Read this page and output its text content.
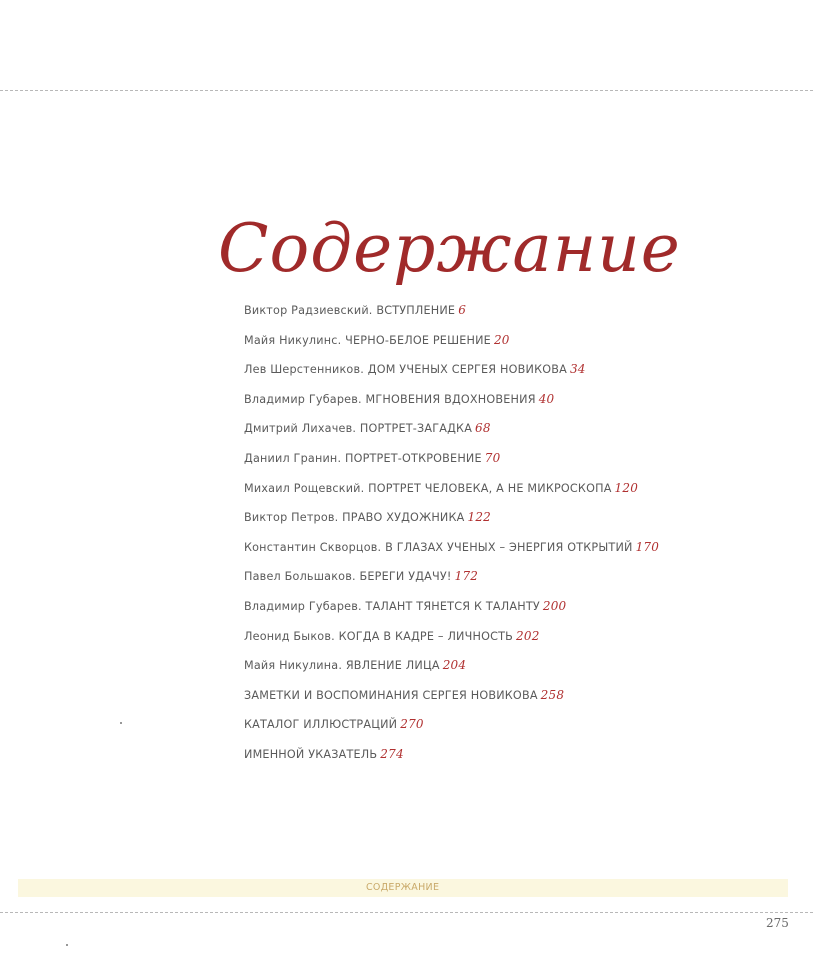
Содержание
Виктор Радзиевский. ВСТУПЛЕНИЕ 6
Майя Никулинс. ЧЕРНО-БЕЛОЕ РЕШЕНИЕ 20
Лев Шерстенников. ДОМ УЧЕНЫХ СЕРГЕЯ НОВИКОВА 34
Владимир Губарев. МГНОВЕНИЯ ВДОХНОВЕНИЯ 40
Дмитрий Лихачев. ПОРТРЕТ-ЗАГАДКА 68
Даниил Гранин. ПОРТРЕТ-ОТКРОВЕНИЕ 70
Михаил Рощевский. ПОРТРЕТ ЧЕЛОВЕКА, А НЕ МИКРОСКОПА 120
Виктор Петров. ПРАВО ХУДОЖНИКА 122
Константин Скворцов. В ГЛАЗАХ УЧЕНЫХ – ЭНЕРГИЯ ОТКРЫТИЙ 170
Павел Большаков. БЕРЕГИ УДАЧУ! 172
Владимир Губарев. ТАЛАНТ ТЯНЕТСЯ К ТАЛАНТУ 200
Леонид Быков. КОГДА В КАДРЕ – ЛИЧНОСТЬ 202
Майя Никулина. ЯВЛЕНИЕ ЛИЦА 204
ЗАМЕТКИ И ВОСПОМИНАНИЯ СЕРГЕЯ НОВИКОВА 258
КАТАЛОГ ИЛЛЮСТРАЦИЙ 270
ИМЕННОЙ УКАЗАТЕЛЬ 274
СОДЕРЖАНИЕ
275
